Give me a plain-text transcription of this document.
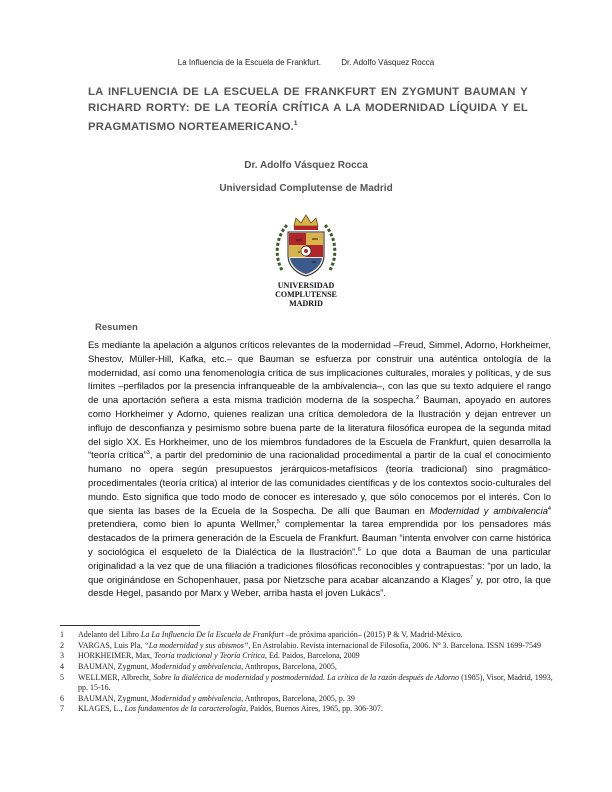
La Influencia de la Escuela de Frankfurt.	Dr. Adolfo Vásquez Rocca
LA INFLUENCIA DE LA ESCUELA DE FRANKFURT EN ZYGMUNT BAUMAN Y RICHARD RORTY: DE LA TEORÍA CRÍTICA A LA MODERNIDAD LÍQUIDA Y EL PRAGMATISMO NORTEAMERICANO.$^1$
Dr. Adolfo Vásquez Rocca
Universidad Complutense de Madrid
UNIVERSIDAD
COMPLUTENSE
MADRID
Resumen
Es mediante la apelación a algunos críticos relevantes de la modernidad –Freud, Simmel, Adorno, Horkheimer, Shestov, Müller-Hill, Kafka, etc.– que Bauman se esfuerza por construir una auténtica ontología de la modernidad, así como una fenomenología crítica de sus implicaciones culturales, morales y políticas, y de sus límites –perfilados por la presencia infranqueable de la ambivalencia–, con las que su texto adquiere el rango de una aportación señera a esta misma tradición moderna de la sospecha.$^2$ Bauman, apoyado en autores como Horkheimer y Adorno, quienes realizan una crítica demoledora de la Ilustración y dejan entrever un influjo de desconfianza y pesimismo sobre buena parte de la literatura filosófica europea de la segunda mitad del siglo XX. Es Horkheimer, uno de los miembros fundadores de la Escuela de Frankfurt, quien desarrolla la “teoría crítica”$^3$, a partir del predominio de una racionalidad procedimental a partir de la cual el conocimiento humano no opera según presupuestos jerárquicos-metafísicos (teoría tradicional) sino pragmático-procedimentales (teoría crítica) al interior de las comunidades científicas y de los contextos socio-culturales del mundo. Esto significa que todo modo de conocer es interesado y, que sólo conocemos por el interés. Con lo que sienta las bases de la Ecuela de la Sospecha. De allí que Bauman en Modernidad y ambivalencia$^4$ pretendiera, como bien lo apunta Wellmer,$^5$ complementar la tarea emprendida por los pensadores más destacados de la primera generación de la Escuela de Frankfurt. Bauman “intenta envolver con carne histórica y sociológica el esqueleto de la Dialéctica de la Ilustración”.$^6$ Lo que dota a Bauman de una particular originalidad a la vez que de una filiación a tradiciones filosóficas reconocibles y contrapuestas: “por un lado, la que originándose en Schopenhauer, pasa por Nietzsche para acabar alcanzando a Klages$^7$ y, por otro, la que desde Hegel, pasando por Marx y Weber, arriba hasta el joven Lukács”.
1	Adelanto del Libro La La Influencia De la Escuela de Frankfurt –de próxima aparición– (2015) P & V, Madrid-México.
2	VARGAS, Luis Pla, “La modernidad y sus abismos”, En Astrolabio. Revista internacional de Filosofía, 2006. Nº 3. Barcelona. ISSN 1699-7549
3	HORKHEIMER, Max, Teoría tradicional y Teoría Crítica, Ed. Paidos, Barcelona, 2009
4	BAUMAN, Zygmunt, Modernidad y ambivalencia, Anthropos, Barcelona, 2005,
5	WELLMER, Albrecht, Sobre la dialéctica de modernidad y postmodernidad. La crítica de la razón después de Adorno (1985), Visor, Madrid, 1993, pp. 15-16.
6	BAUMAN, Zygmunt, Modernidad y ambivalencia, Anthropos, Barcelona, 2005, p. 39
7	KLAGES, L., Los fundamentos de la caracterología, Paidós, Buenos Aires, 1965, pp. 306-307.
